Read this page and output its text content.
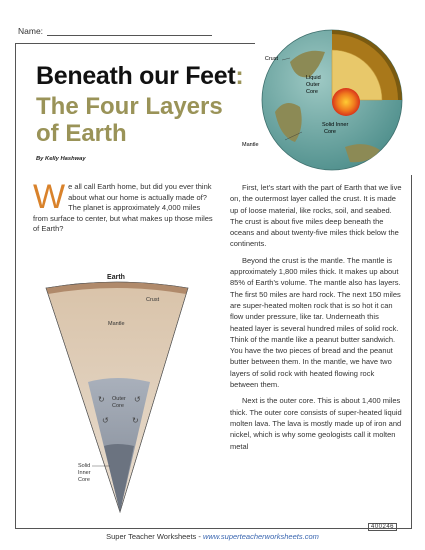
Name:
Beneath our Feet:
The Four Layers
of Earth
By Kelly Hashway
Crust
Liquid
Outer
Core
Solid Inner
Core
Mantle
We all call Earth home, but did you ever think about what our home is actually made of? The planet is approximately 4,000 miles from surface to center, but what makes up those miles of Earth?
Earth
Crust
Mantle
Outer
Core
↻	↺
↺	↻
Solid
Inner
Core

First, let’s start with the part of Earth that we live on, the outermost layer called the crust. It is made up of loose material, like rocks, soil, and seabed. The crust is about five miles deep beneath the oceans and about twenty-five miles thick below the continents.

Beyond the crust is the mantle. The mantle is approximately 1,800 miles thick. It makes up about 85% of Earth’s volume. The mantle also has layers. The first 50 miles are hard rock. The next 150 miles are super-heated molten rock that is so hot it can flow under pressure, like tar. Underneath this heated layer is several hundred miles of solid rock. Think of the mantle like a peanut butter sandwich. You have the two pieces of bread and the peanut butter between them. In the mantle, we have two layers of solid rock with heated flowing rock between them.

Next is the outer core. This is about 1,400 miles thick. The outer core consists of super-heated liquid molten lava. The lava is mostly made up of iron and nickel, which is why some geologists call it molten metal

400246
Super Teacher Worksheets - www.superteacherworksheets.com
